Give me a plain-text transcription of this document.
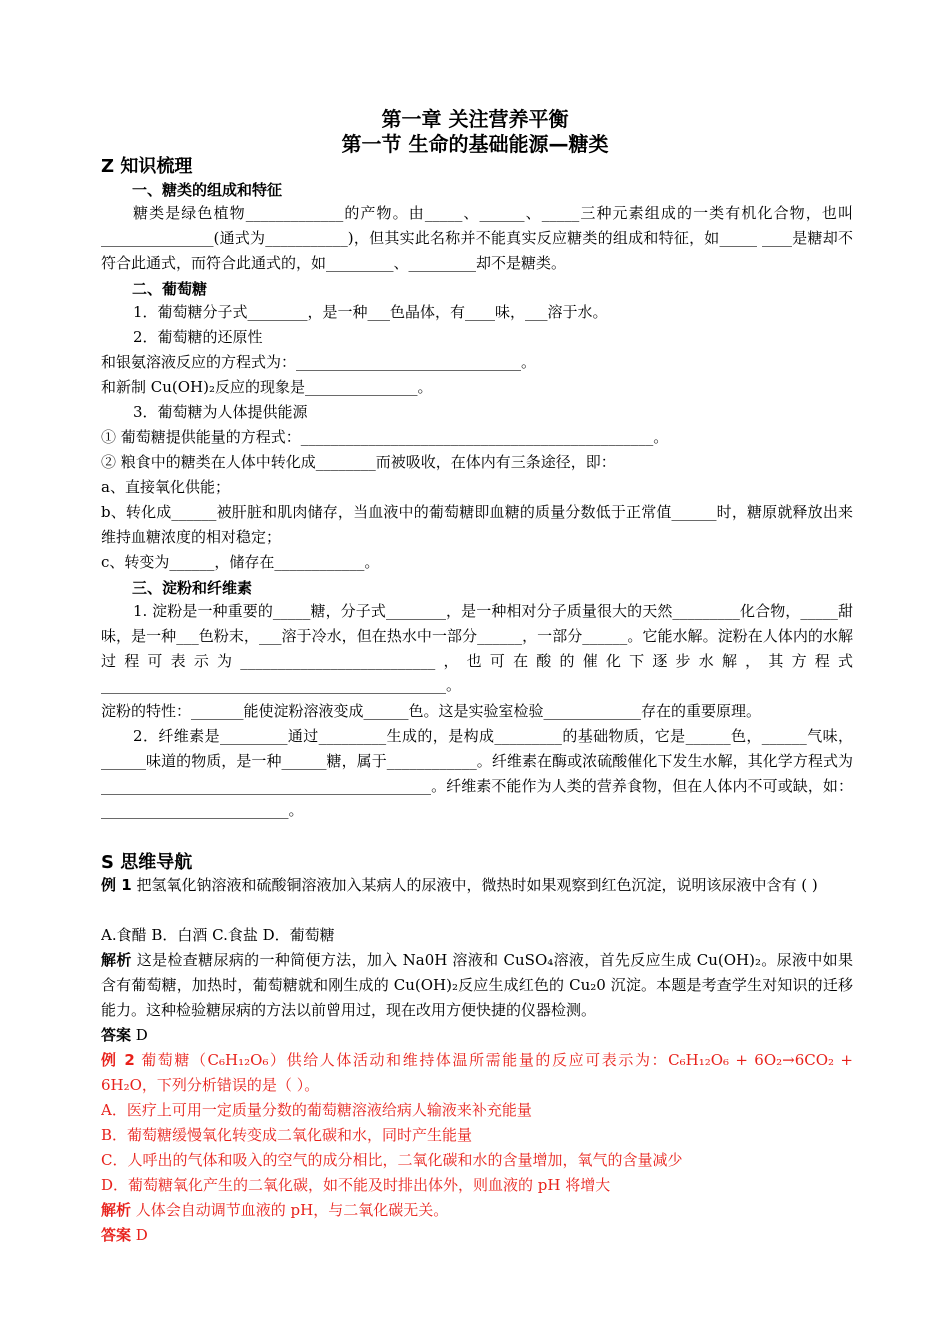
第一章 关注营养平衡
第一节 生命的基础能源—糖类
Z 知识梳理
一、糖类的组成和特征
糖类是绿色植物_____________的产物。由_____、______、_____三种元素组成的一类有机化合物，也叫_______________(通式为___________)，但其实此名称并不能真实反应糖类的组成和特征，如_____ ____是糖却不符合此通式，而符合此通式的，如_________、_________却不是糖类。
二、葡萄糖
1．葡萄糖分子式________，是一种___色晶体，有____味，___溶于水。
2．葡萄糖的还原性
和银氨溶液反应的方程式为：______________________________。
和新制 Cu(OH)₂反应的现象是_______________。
3．葡萄糖为人体提供能源
① 葡萄糖提供能量的方程式：_______________________________________________。
② 粮食中的糖类在人体中转化成________而被吸收，在体内有三条途径，即：
a、直接氧化供能；
b、转化成______被肝脏和肌肉储存，当血液中的葡萄糖即血糖的质量分数低于正常值______时，糖原就释放出来维持血糖浓度的相对稳定；
c、转变为______，储存在____________。
三、淀粉和纤维素
1. 淀粉是一种重要的_____糖，分子式________，是一种相对分子质量很大的天然_________化合物，_____甜味，是一种___色粉末，___溶于冷水，但在热水中一部分______，一部分______。它能水解。淀粉在人体内的水解过程可表示为__________________________，也可在酸的催化下逐步水解，其方程式______________________________________________。
淀粉的特性：_______能使淀粉溶液变成______色。这是实验室检验_____________存在的重要原理。
2．纤维素是_________通过_________生成的，是构成_________的基础物质，它是______色，______气味，______味道的物质，是一种______糖，属于____________。纤维素在酶或浓硫酸催化下发生水解，其化学方程式为____________________________________________。纤维素不能作为人类的营养食物，但在人体内不可或缺，如：_________________________。
S 思维导航
例 1 把氢氧化钠溶液和硫酸铜溶液加入某病人的尿液中，微热时如果观察到红色沉淀，说明该尿液中含有 ( )
A.食醋 B．白酒 C.食盐 D．葡萄糖
解析 这是检查糖尿病的一种简便方法，加入 Na0H 溶液和 CuSO₄溶液，首先反应生成 Cu(OH)₂。尿液中如果含有葡萄糖，加热时，葡萄糖就和刚生成的 Cu(OH)₂反应生成红色的 Cu₂0 沉淀。本题是考查学生对知识的迁移能力。这种检验糖尿病的方法以前曾用过，现在改用方便快捷的仪器检测。
答案 D
例 2 葡萄糖（C₆H₁₂O₆）供给人体活动和维持体温所需能量的反应可表示为：C₆H₁₂O₆ + 6O₂→6CO₂ + 6H₂O，下列分析错误的是（ ）。
A．医疗上可用一定质量分数的葡萄糖溶液给病人输液来补充能量
B．葡萄糖缓慢氧化转变成二氧化碳和水，同时产生能量
C．人呼出的气体和吸入的空气的成分相比，二氧化碳和水的含量增加，氧气的含量减少
D．葡萄糖氧化产生的二氧化碳，如不能及时排出体外，则血液的 pH 将增大
解析 人体会自动调节血液的 pH，与二氧化碳无关。
答案 D
